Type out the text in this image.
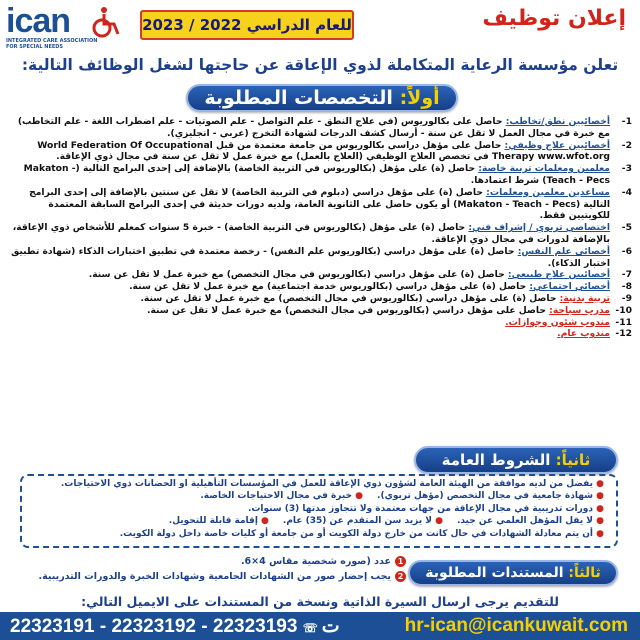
ican
INTEGRATED CARE ASSOCIATION
FOR SPECIAL NEEDS
للعام الدراسي 2022 / 2023	إعلان توظيف
تعلن مؤسسة الرعاية المتكاملة لذوي الإعاقة عن حاجتها لشغل الوظائف التالية:
أولاً: التخصصات المطلوبة
1-
أخصائيين نطق/تخاطب: حاصل على بكالوريوس (في علاج النطق - علم التواصل - علم الصوتيات - علم اضطراب اللغة - علم التخاطب) مع خبرة في مجال العمل لا تقل عن سنة - أرسال كشف الدرجات لشهادة التخرج (عربي - انجليزي).
2-
أخصائيين علاج وظيفي: حاصل على مؤهل دراسي بكالوريوس من جامعة معتمدة من قبل World Federation Of Occupational Therapy www.wfot.org في تخصص العلاج الوظيفي (العلاج بالعمل) مع خبرة عمل لا تقل عن سنة في مجال ذوي الإعاقة.
3-
معلمين ومعلمات تربية خاصة: حاصل (ة) على مؤهل (بكالوريوس في التربية الخاصة) بالإضافة إلى إحدى البرامج التالية (Makaton - Teach - Pecs) شرط اعتمادها.
4-
مساعدين معلمين ومعلمات: حاصل (ة) على مؤهل دراسي (دبلوم في التربية الخاصة) لا تقل عن سنتين بالإضافة إلى إحدى البرامج التالية (Makaton - Teach - Pecs) أو يكون حاصل على الثانوية العامة، ولديه دورات حديثة في إحدى البرامج السابقة المعتمدة للكويتيين فقط.
5-
اختصاصي تربوي / إشراف فني: حاصل (ة) على مؤهل (بكالوريوس في التربية الخاصة) - خبرة 5 سنوات كمعلم للأشخاص ذوي الإعاقة، بالإضافة لدورات في مجال ذوي الإعاقة.
6-
أخصائي علم النفس: حاصل (ة) على مؤهل دراسي (بكالوريوس علم النفس) - رخصة معتمدة في تطبيق اختبارات الذكاء (شهادة تطبيق اختبار الذكاء).
7-
أخصائيين علاج طبيعي: حاصل (ة) على مؤهل دراسي (بكالوريوس في مجال التخصص) مع خبرة عمل لا تقل عن سنة.
8-
أخصائي اجتماعي: حاصل (ة) على مؤهل دراسي (بكالوريوس خدمة اجتماعية) مع خبرة عمل لا تقل عن سنة.
9-
تربية بدنية: حاصل (ة) على مؤهل دراسي (بكالوريوس في مجال التخصص) مع خبرة عمل لا تقل عن سنة.
10-
مدرب سباحة: حاصل على مؤهل دراسي (بكالوريوس في مجال التخصص) مع خبرة عمل لا تقل عن سنة.
11-
مندوب شئون وجوازات.
12-
مندوب عام.
ثانياً: الشروط العامة
● يفضل من لديه موافقة من الهيئة العامة لشؤون ذوي الإعاقة للعمل في المؤسسات التأهيلية او الحضانات ذوي الاحتياجات.
● شهادة جامعية في مجال التخصص (مؤهل تربوي).
● خبرة في مجال الاحتياجات الخاصة.
● دورات تدريبية في مجال الإعاقة من جهات معتمدة ولا تتجاوز مدتها (3) سنوات.
● لا يقل المؤهل العلمي عن جيد.
● لا يزيد سن المتقدم عن (35) عام.
● إقامة قابلة للتحويل.
● أن يتم معادلة الشهادات في حال كانت من خارج دولة الكويت أو من جامعة أو كليات خاصة داخل دولة الكويت.
ثالثاً: المستندات المطلوبة
1عدد (صوره شخصية مقاس 4×6.
2يجب إحضار صور من الشهادات الجامعية وشهادات الخبرة والدورات التدريبية.
للتقديم يرجى ارسال السيرة الذاتية ونسخة من المستندات على الايميل التالي:
hr-ican@icankuwait.com
ت☏ 22323193 - 22323192 - 22323191
